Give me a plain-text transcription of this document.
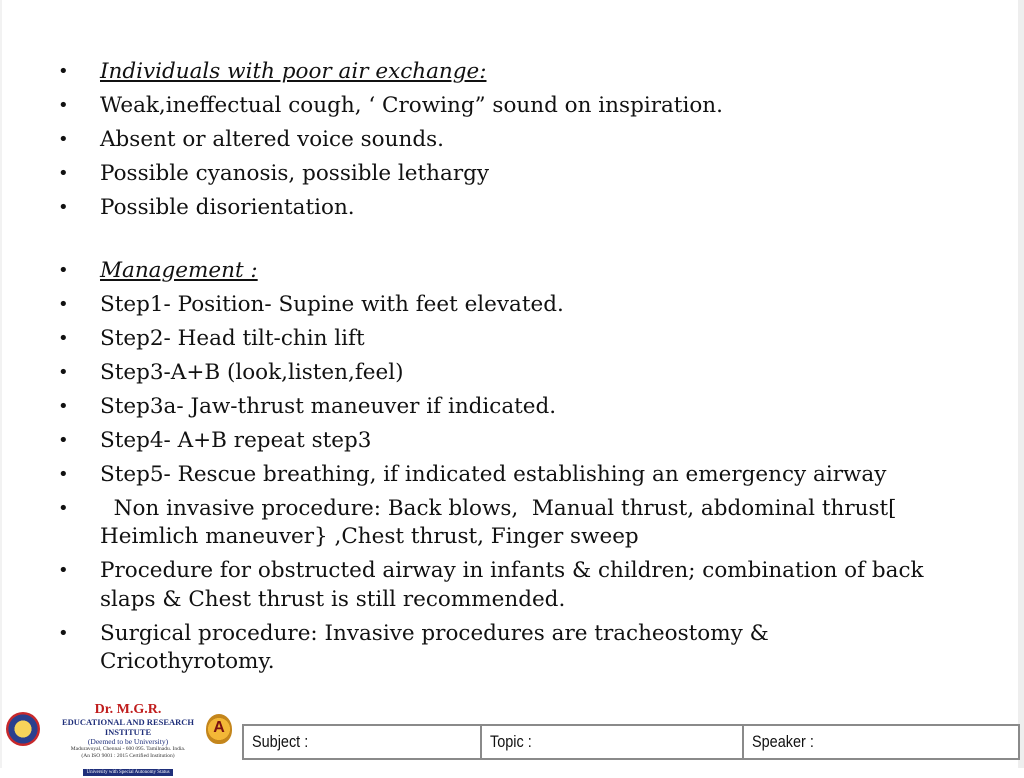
• Individuals with poor air exchange:
• Weak,ineffectual cough, ‘ Crowing” sound on inspiration.
• Absent or altered voice sounds.
• Possible cyanosis, possible lethargy
• Possible disorientation.
• Management :
• Step1- Position- Supine with feet elevated.
• Step2- Head tilt-chin lift
• Step3-A+B (look,listen,feel)
• Step3a- Jaw-thrust maneuver if indicated.
• Step4- A+B repeat step3
• Step5- Rescue breathing, if indicated establishing an emergency airway
• Non invasive procedure: Back blows,  Manual thrust, abdominal thrust[ Heimlich maneuver} ,Chest thrust, Finger sweep
• Procedure for obstructed airway in infants & children; combination of back slaps & Chest thrust is still recommended.
• Surgical procedure: Invasive procedures are tracheostomy & Cricothyrotomy.
Dr. M.G.R.
EDUCATIONAL AND RESEARCH INSTITUTE
(Deemed to be University)
Maduravoyal, Chennai - 600 095. Tamilnadu. India.
(An ISO 9001 : 2015 Certified Institution)
University with Special Autonomy Status
A
Subject :	Topic :	Speaker :
